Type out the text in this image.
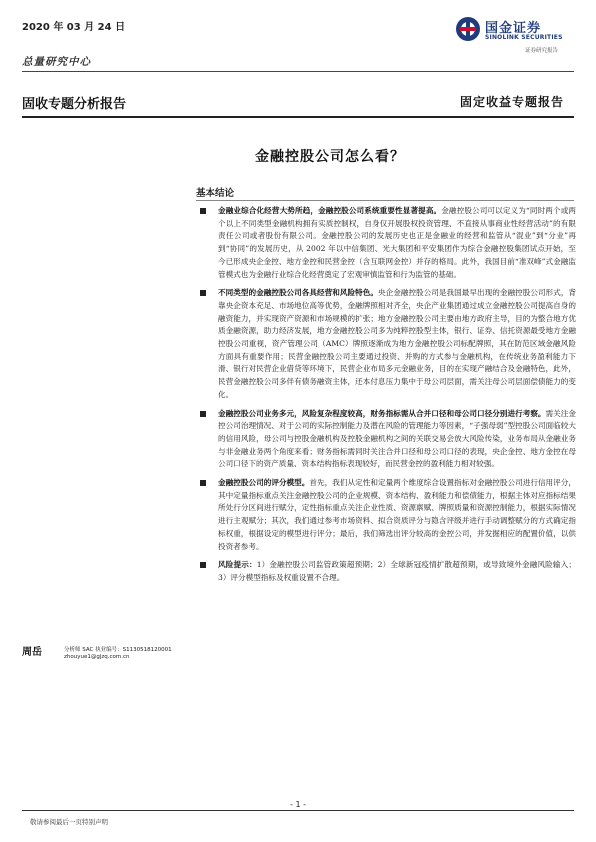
2020 年 03 月 24 日
总量研究中心
国金证券
SINOLINK SECURITIES
证券研究报告
固收专题分析报告	固定收益专题报告
金融控股公司怎么看？
基本结论
金融业综合化经营大势所趋，金融控股公司系统重要性显著提高。金融控股公司可以定义为“同时两个或两个以上不同类型金融机构拥有实质控制权，自身仅开展股权投资管理、不直接从事商业性经营活动”的有限责任公司或者股份有限公司。金融控股公司的发展历史也正是金融业的经营和监管从“混业”到“分业”再到“协同”的发展历史，从 2002 年以中信集团、光大集团和平安集团作为综合金融控股集团试点开始，至今已形成央企金控、地方金控和民营金控（含互联网金控）并存的格局。此外，我国目前“准双峰”式金融监管模式也为金融行业综合化经营奠定了宏观审慎监管和行为监管的基础。
不同类型的金融控股公司各具经营和风险特色。央企金融控股公司是我国最早出现的金融控股公司形式，背靠央企资本充足、市场地位高等优势，金融牌照相对齐全，央企产业集团通过成立金融控股公司提高自身的融资能力，并实现资产资源和市场规模的扩张；地方金融控股公司主要由地方政府主导，目的为整合地方优质金融资源，助力经济发展，地方金融控股公司多为纯粹控股型主体，银行、证券、信托资源最受地方金融控股公司重视，资产管理公司（AMC）牌照逐渐成为地方金融控股公司标配牌照，其在防范区域金融风险方面具有重要作用；民营金融控股公司主要通过投资、并购的方式参与金融机构，在传统业务盈利能力下滑、银行对民营企业借贷等环境下，民营企业布局多元金融业务，目的在实现产融结合及金融特色，此外，民营金融控股公司多伴有债务融资主体，还本付息压力集中于母公司层面，需关注母公司层面偿债能力的变化。
金融控股公司业务多元，风险复杂程度较高，财务指标需从合并口径和母公司口径分别进行考察。需关注金控公司治理情况、对于公司的实际控制能力及潜在风险的管理能力等因素，“子强母弱”型控股公司面临较大的信用风险，母公司与控股金融机构及控股金融机构之间的关联交易会放大风险传染，业务布局从金融业务与非金融业务两个角度来看；财务指标需同时关注合并口径和母公司口径的表现，央企金控、地方金控在母公司口径下的资产质量、资本结构指标表现较好，而民营金控的盈利能力相对较强。
金融控股公司的评分模型。首先，我们从定性和定量两个维度综合设置指标对金融控股公司进行信用评分，其中定量指标重点关注金融控股公司的企业规模、资本结构、盈利能力和偿债能力，根据主体对应指标结果所处行分区间进行赋分，定性指标重点关注企业性质、资源禀赋、牌照质量和资源控制能力，根据实际情况进行主观赋分；其次，我们通过参考市场资料、拟合资质评分与隐含评级并进行手动调整赋分的方式确定指标权重，根据设定的模型进行评分；最后，我们筛选出评分较高的金控公司，并发掘相应的配置价值，以供投资者参考。
风险提示：1）金融控股公司监管政策超预期；2）全球新冠疫情扩散超预期，或导致境外金融风险输入；3）评分模型指标及权重设置不合理。
周岳	分析师 SAC 执业编号：S1130518120001
zhouyue1@gjzq.com.cn
- 1 -
敬请参阅最后一页特别声明
